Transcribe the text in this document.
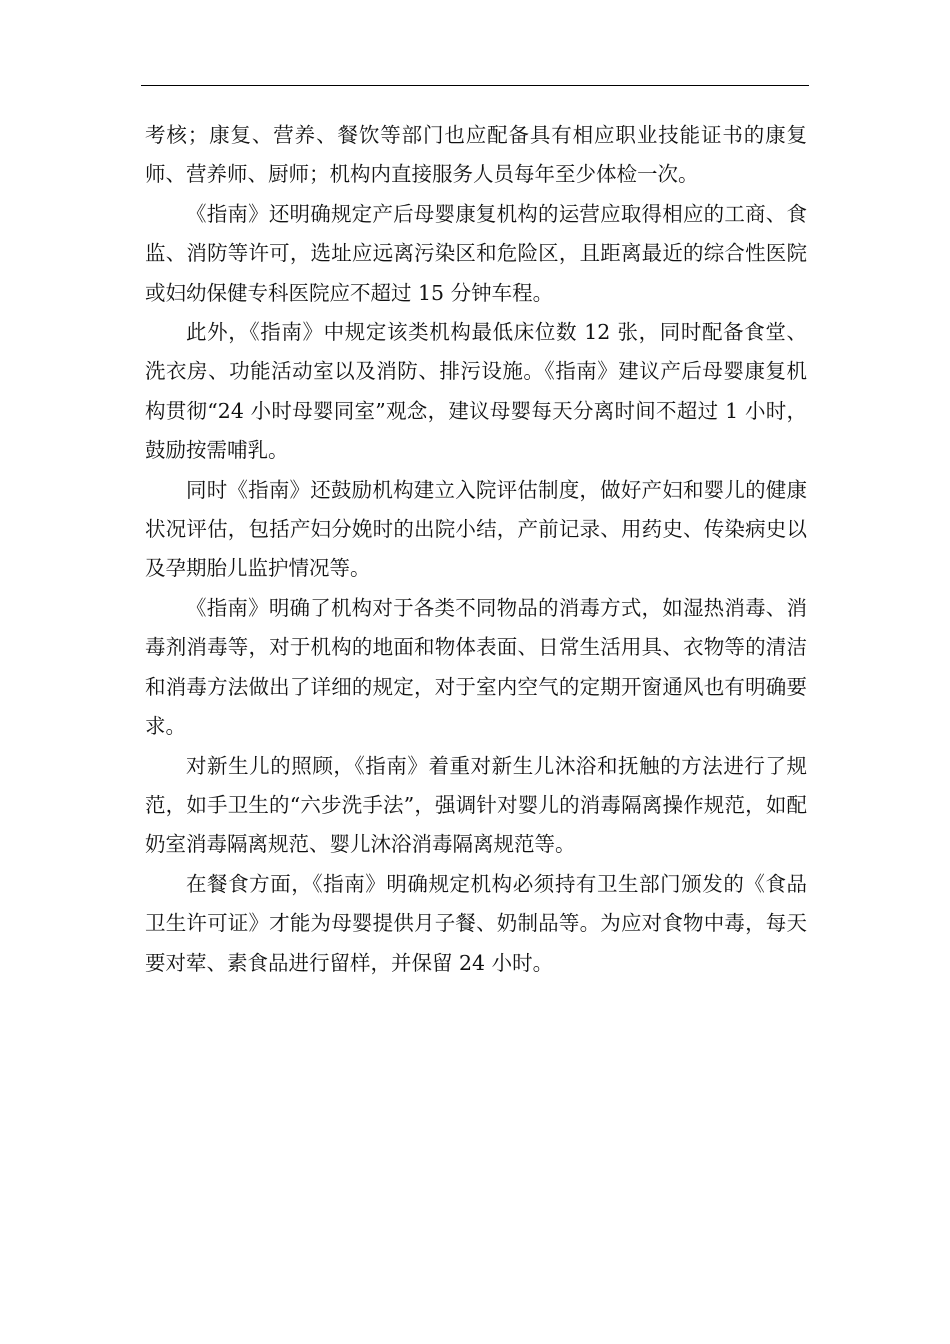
考核；康复、营养、餐饮等部门也应配备具有相应职业技能证书的康复师、营养师、厨师；机构内直接服务人员每年至少体检一次。

《指南》还明确规定产后母婴康复机构的运营应取得相应的工商、食监、消防等许可，选址应远离污染区和危险区，且距离最近的综合性医院或妇幼保健专科医院应不超过 15 分钟车程。

此外，《指南》中规定该类机构最低床位数 12 张，同时配备食堂、洗衣房、功能活动室以及消防、排污设施。《指南》建议产后母婴康复机构贯彻“24 小时母婴同室”观念，建议母婴每天分离时间不超过 1 小时，鼓励按需哺乳。

同时《指南》还鼓励机构建立入院评估制度，做好产妇和婴儿的健康状况评估，包括产妇分娩时的出院小结，产前记录、用药史、传染病史以及孕期胎儿监护情况等。

《指南》明确了机构对于各类不同物品的消毒方式，如湿热消毒、消毒剂消毒等，对于机构的地面和物体表面、日常生活用具、衣物等的清洁和消毒方法做出了详细的规定，对于室内空气的定期开窗通风也有明确要求。

对新生儿的照顾，《指南》着重对新生儿沐浴和抚触的方法进行了规范，如手卫生的“六步洗手法”，强调针对婴儿的消毒隔离操作规范，如配奶室消毒隔离规范、婴儿沐浴消毒隔离规范等。

在餐食方面，《指南》明确规定机构必须持有卫生部门颁发的《食品卫生许可证》才能为母婴提供月子餐、奶制品等。为应对食物中毒，每天要对荤、素食品进行留样，并保留 24 小时。
